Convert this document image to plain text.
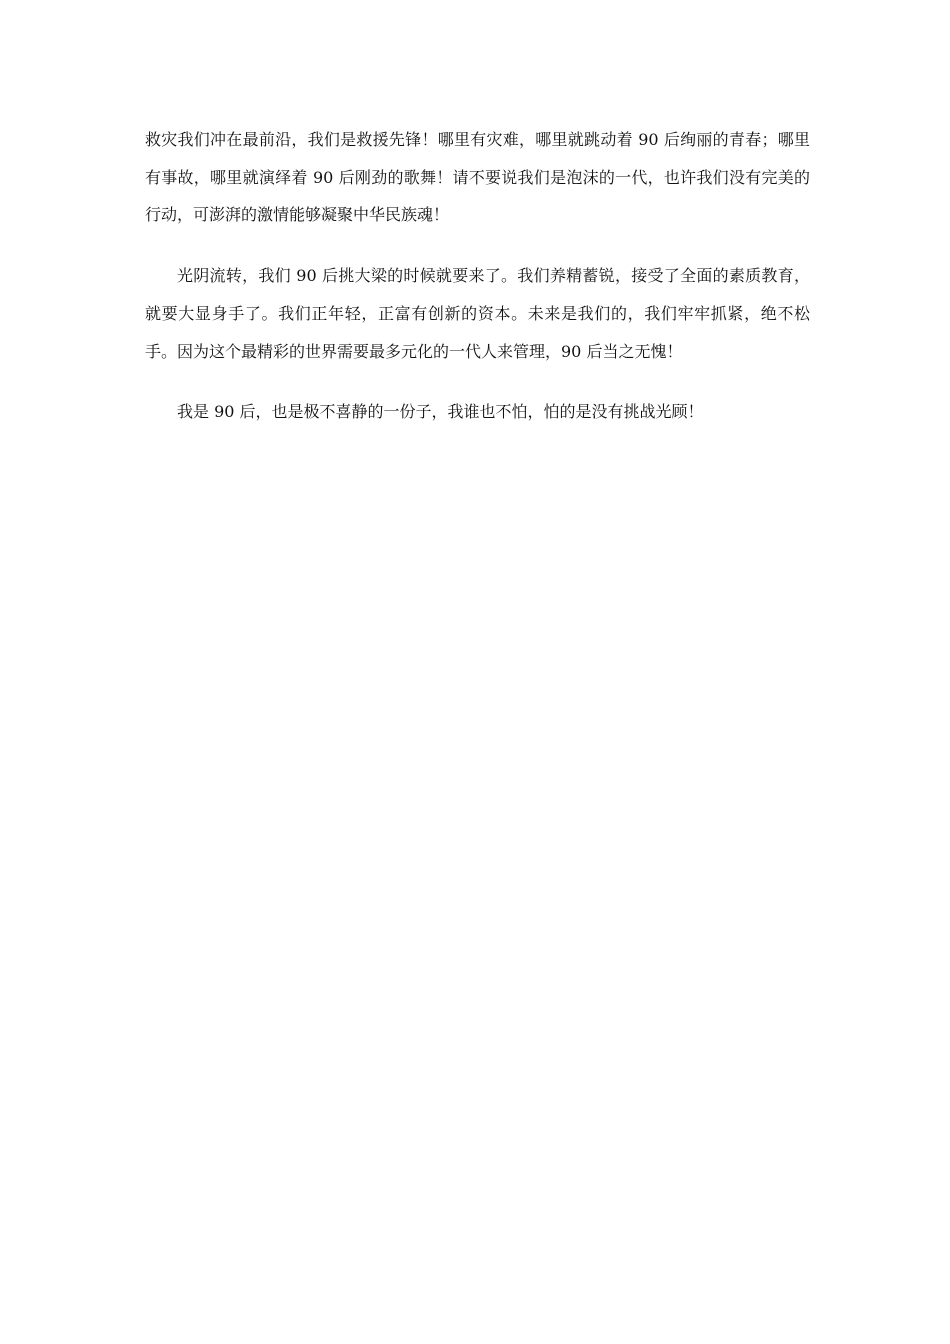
救灾我们冲在最前沿，我们是救援先锋！哪里有灾难，哪里就跳动着 90 后绚丽的青春；哪里有事故，哪里就演绎着 90 后刚劲的歌舞！请不要说我们是泡沫的一代，也许我们没有完美的行动，可澎湃的激情能够凝聚中华民族魂！

光阴流转，我们 90 后挑大梁的时候就要来了。我们养精蓄锐，接受了全面的素质教育，就要大显身手了。我们正年轻，正富有创新的资本。未来是我们的，我们牢牢抓紧，绝不松手。因为这个最精彩的世界需要最多元化的一代人来管理，90 后当之无愧！

我是 90 后，也是极不喜静的一份子，我谁也不怕，怕的是没有挑战光顾！
